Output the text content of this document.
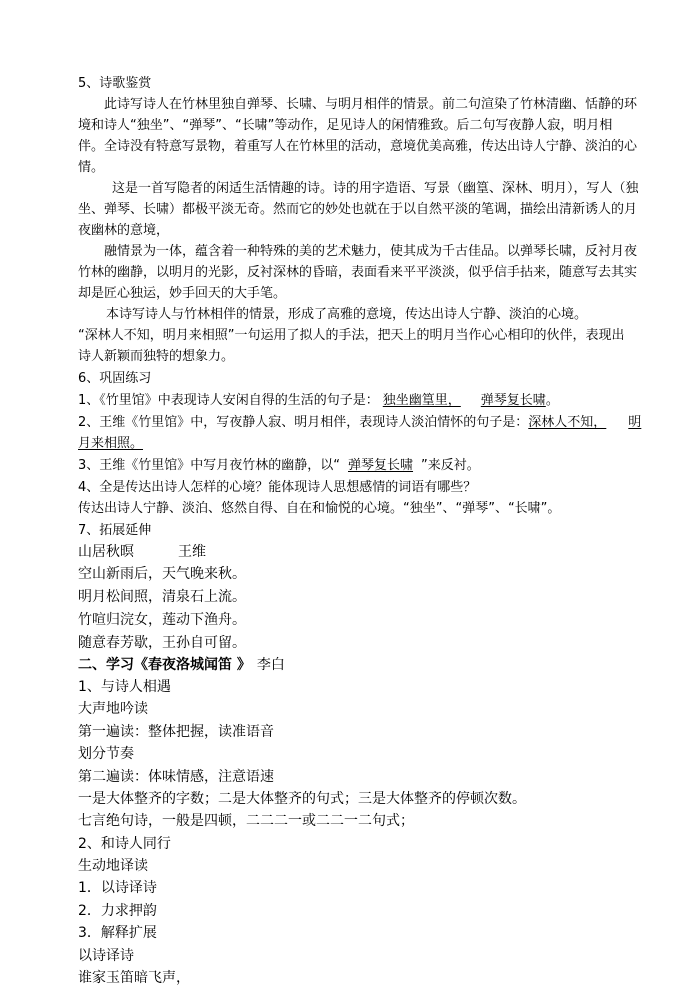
5、诗歌鉴赏
此诗写诗人在竹林里独自弹琴、长啸、与明月相伴的情景。前二句渲染了竹林清幽、恬静的环
境和诗人“独坐”、“弹琴”、“长啸”等动作，足见诗人的闲情雅致。后二句写夜静人寂，明月相
伴。全诗没有特意写景物，着重写人在竹林里的活动，意境优美高雅，传达出诗人宁静、淡泊的心
情。
这是一首写隐者的闲适生活情趣的诗。诗的用字造语、写景（幽篁、深林、明月），写人（独
坐、弹琴、长啸）都极平淡无奇。然而它的妙处也就在于以自然平淡的笔调，描绘出清新诱人的月
夜幽林的意境，
融情景为一体，蕴含着一种特殊的美的艺术魅力，使其成为千古佳品。以弹琴长啸，反衬月夜
竹林的幽静，以明月的光影，反衬深林的昏暗，表面看来平平淡淡，似乎信手拈来，随意写去其实
却是匠心独运，妙手回天的大手笔。
本诗写诗人与竹林相伴的情景，形成了高雅的意境，传达出诗人宁静、淡泊的心境。
“深林人不知，明月来相照”一句运用了拟人的手法，把天上的明月当作心心相印的伙伴，表现出
诗人新颖而独特的想象力。
6、巩固练习
1、《竹里馆》中表现诗人安闲自得的生活的句子是： 独坐幽篁里， 弹琴复长啸。
2、王维《竹里馆》中，写夜静人寂、明月相伴，表现诗人淡泊情怀的句子是：深林人不知， 明
月来相照。
3、王维《竹里馆》中写月夜竹林的幽静，以“ 弹琴复长啸 ”来反衬。
4、全是传达出诗人怎样的心境？能体现诗人思想感情的词语有哪些？
传达出诗人宁静、淡泊、悠然自得、自在和愉悦的心境。“独坐”、“弹琴”、“长啸”。
7、拓展延伸
山居秋暝	王维
空山新雨后，天气晚来秋。
明月松间照，清泉石上流。
竹喧归浣女，莲动下渔舟。
随意春芳歇，王孙自可留。
二、学习《春夜洛城闻笛 》 李白
1、与诗人相遇
大声地吟读
第一遍读：整体把握，读准语音
划分节奏
第二遍读：体味情感，注意语速
一是大体整齐的字数；二是大体整齐的句式；三是大体整齐的停顿次数。
七言绝句诗，一般是四顿，二二二一或二二一二句式；
2、和诗人同行
生动地译读
1．以诗译诗
2．力求押韵
3．解释扩展
以诗译诗
谁家玉笛暗飞声，
